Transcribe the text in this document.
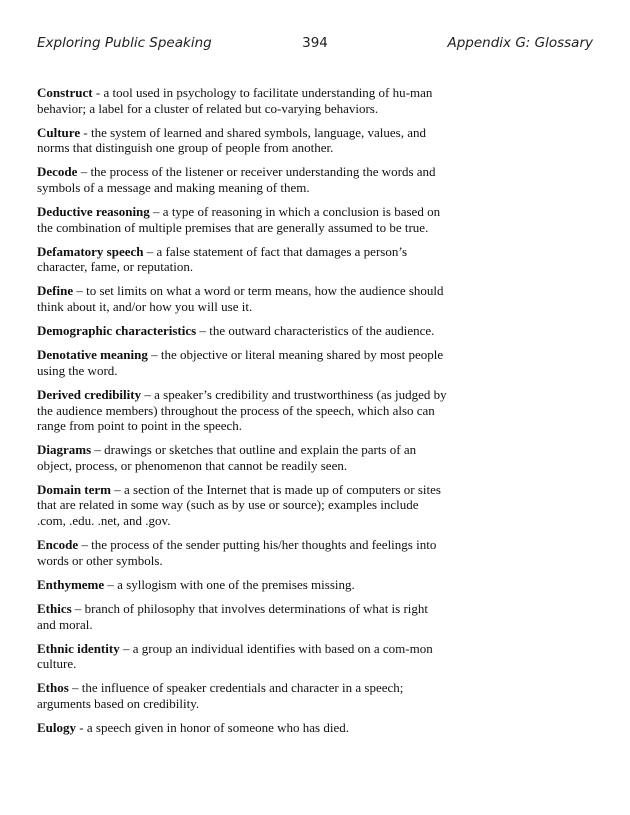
Exploring Public Speaking	394	Appendix G: Glossary

Construct - a tool used in psychology to facilitate understanding of hu-man behavior; a label for a cluster of related but co-varying behaviors.

Culture - the system of learned and shared symbols, language, values, and norms that distinguish one group of people from another.

Decode – the process of the listener or receiver understanding the words and symbols of a message and making meaning of them.

Deductive reasoning – a type of reasoning in which a conclusion is based on the combination of multiple premises that are generally assumed to be true.

Defamatory speech – a false statement of fact that damages a person’s character, fame, or reputation.

Define – to set limits on what a word or term means, how the audience should think about it, and/or how you will use it.

Demographic characteristics – the outward characteristics of the audience.

Denotative meaning – the objective or literal meaning shared by most people using the word.

Derived credibility – a speaker’s credibility and trustworthiness (as judged by the audience members) throughout the process of the speech, which also can range from point to point in the speech.

Diagrams – drawings or sketches that outline and explain the parts of an object, process, or phenomenon that cannot be readily seen.

Domain term – a section of the Internet that is made up of computers or sites that are related in some way (such as by use or source); examples include .com, .edu. .net, and .gov.

Encode – the process of the sender putting his/her thoughts and feelings into words or other symbols.

Enthymeme – a syllogism with one of the premises missing.

Ethics – branch of philosophy that involves determinations of what is right and moral.

Ethnic identity – a group an individual identifies with based on a com-mon culture.

Ethos – the influence of speaker credentials and character in a speech; arguments based on credibility.

Eulogy - a speech given in honor of someone who has died.
